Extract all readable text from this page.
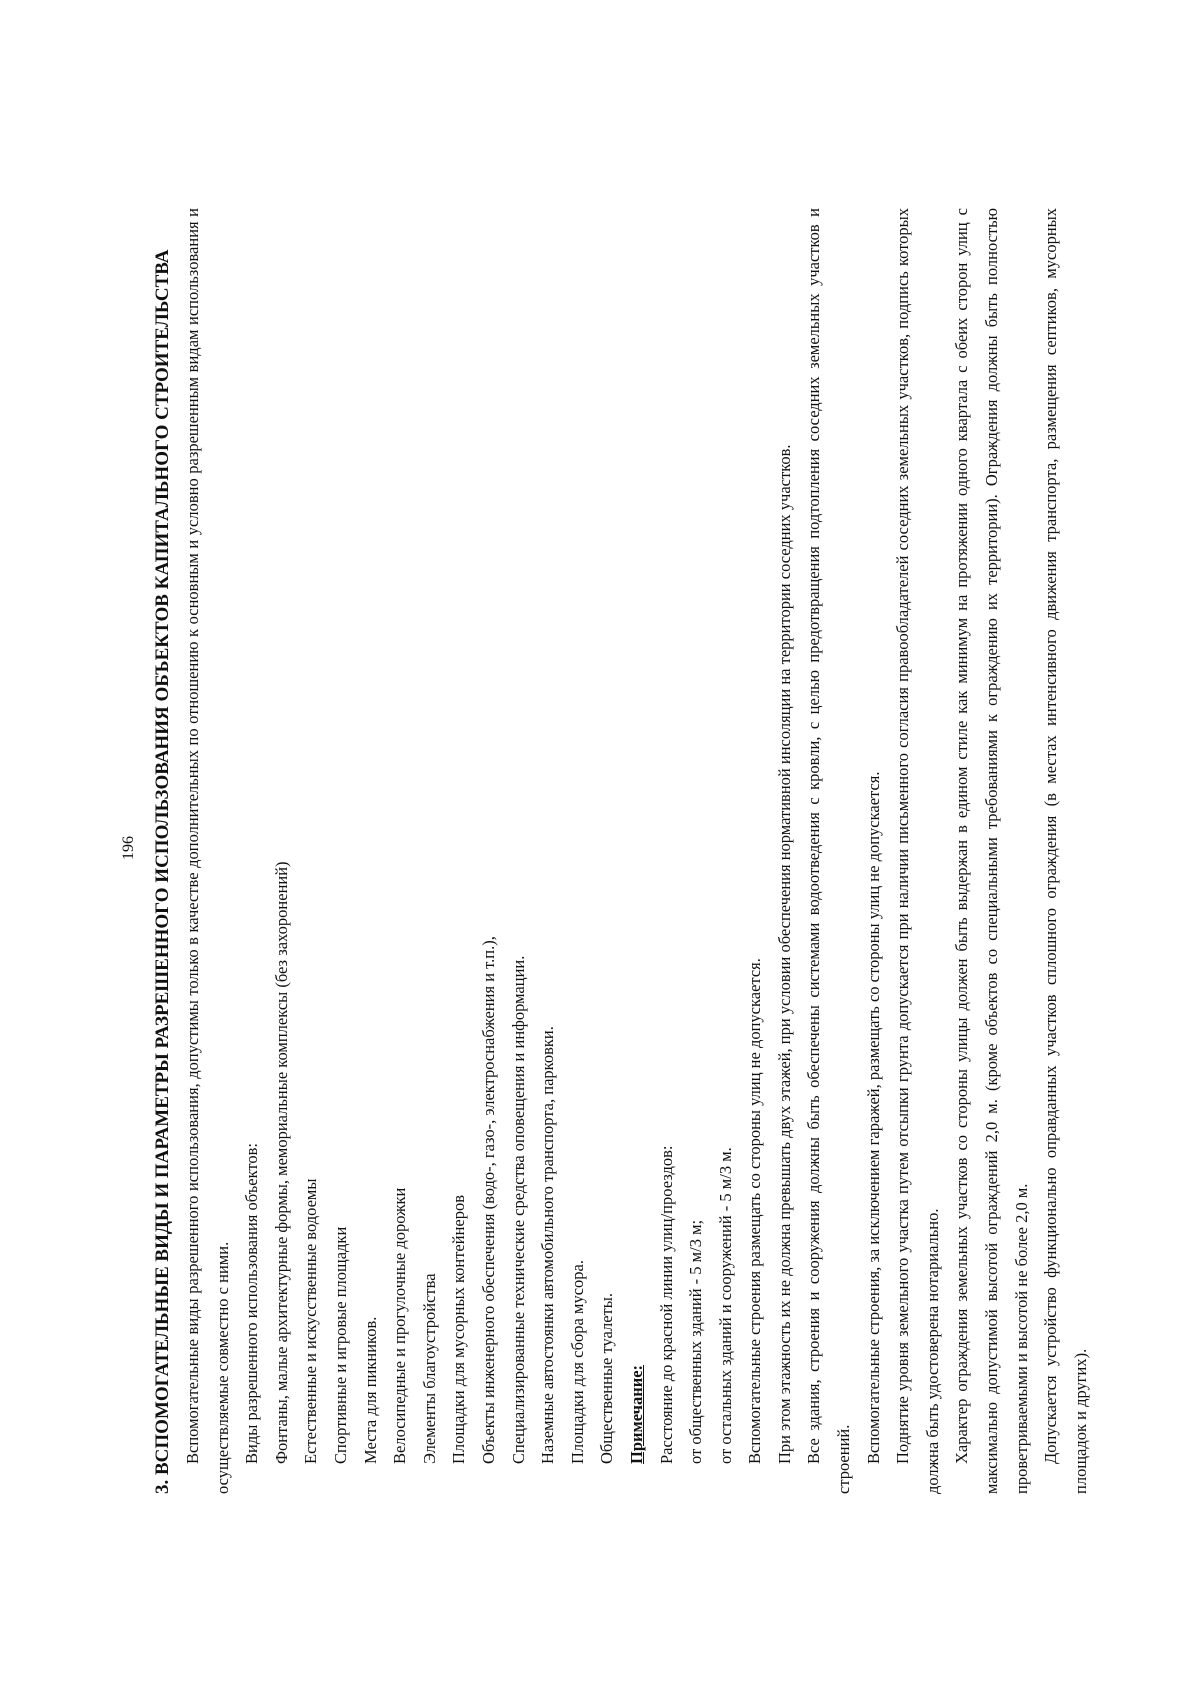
196 3. ВСПОМОГАТЕЛЬНЫЕ ВИДЫ И ПАРАМЕТРЫ РАЗРЕШЕННОГО ИСПОЛЬЗОВАНИЯ ОБЪЕКТОВ КАПИТАЛЬНОГО СТРОИТЕЛЬСТВА Вспомогательные виды разрешенного использования, допустимы только в качестве дополнительных по отношению к основным и условно разрешенным видам использования и осуществляемые совместно с ними. Виды разрешенного использования объектов: Фонтаны, малые архитектурные формы, мемориальные комплексы (без захоронений) Естественные и искусственные водоемы Спортивные и игровые площадки Места для пикников. Велосипедные и прогулочные дорожки Элементы благоустройства Площадки для мусорных контейнеров Объекты инженерного обеспечения (водо-, газо-, электроснабжения и т.п.), Специализированные технические средства оповещения и информации. Наземные автостоянки автомобильного транспорта, парковки. Площадки для сбора мусора. Общественные туалеты. Примечание: Расстояние до красной линии улиц/проездов: от общественных зданий - 5 м/3 м; от остальных зданий и сооружений - 5 м/3 м. Вспомогательные строения размещать со стороны улиц не допускается. При этом этажность их не должна превышать двух этажей, при условии обеспечения нормативной инсоляции на территории соседних участков. Все здания, строения и сооружения должны быть обеспечены системами водоотведения с кровли, с целью предотвращения подтопления соседних земельных участков и строений. Вспомогательные строения, за исключением гаражей, размещать со стороны улиц не допускается. Поднятие уровня земельного участка путем отсыпки грунта допускается при наличии письменного согласия правообладателей соседних земельных участков, подпись которых должна быть удостоверена нотариально. Характер ограждения земельных участков со стороны улицы должен быть выдержан в едином стиле как минимум на протяжении одного квартала с обеих сторон улиц с максимально допустимой высотой ограждений 2,0 м. (кроме объектов со специальными требованиями к ограждению их территории). Ограждения должны быть полностью проветриваемыми и высотой не более 2,0 м. Допускается устройство функционально оправданных участков сплошного ограждения (в местах интенсивного движения транспорта, размещения септиков, мусорных площадок и других).
